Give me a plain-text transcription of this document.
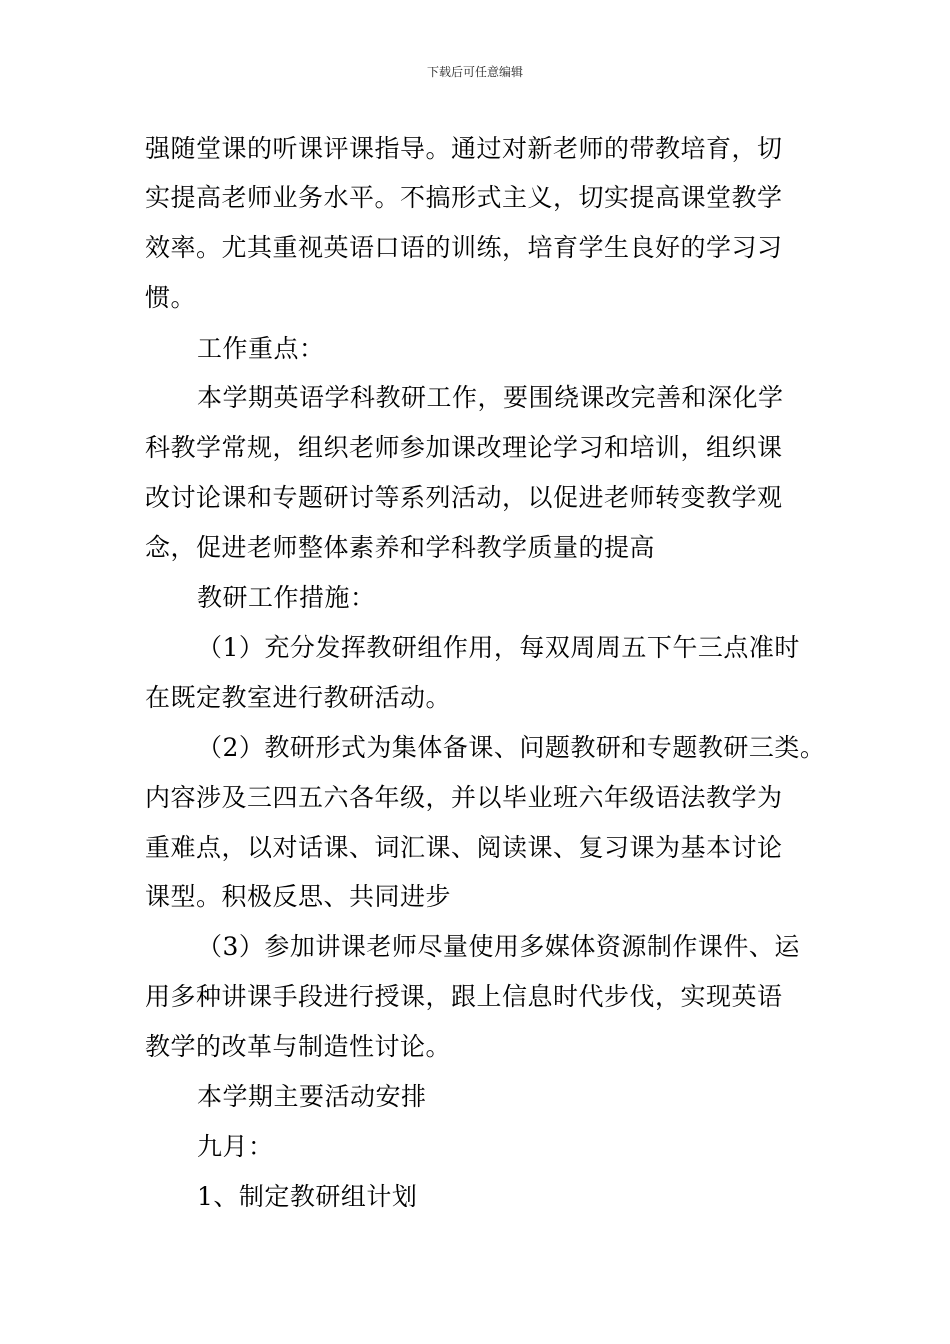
下载后可任意编辑
强随堂课的听课评课指导。通过对新老师的带教培育，切
实提高老师业务水平。不搞形式主义，切实提高课堂教学
效率。尤其重视英语口语的训练，培育学生良好的学习习
惯。
工作重点：
本学期英语学科教研工作，要围绕课改完善和深化学
科教学常规，组织老师参加课改理论学习和培训，组织课
改讨论课和专题研讨等系列活动，以促进老师转变教学观
念，促进老师整体素养和学科教学质量的提高
教研工作措施：
（1）充分发挥教研组作用，每双周周五下午三点准时
在既定教室进行教研活动。
（2）教研形式为集体备课、问题教研和专题教研三类。
内容涉及三四五六各年级，并以毕业班六年级语法教学为
重难点，以对话课、词汇课、阅读课、复习课为基本讨论
课型。积极反思、共同进步
（3）参加讲课老师尽量使用多媒体资源制作课件、运
用多种讲课手段进行授课，跟上信息时代步伐，实现英语
教学的改革与制造性讨论。
本学期主要活动安排
九月：
1、制定教研组计划
